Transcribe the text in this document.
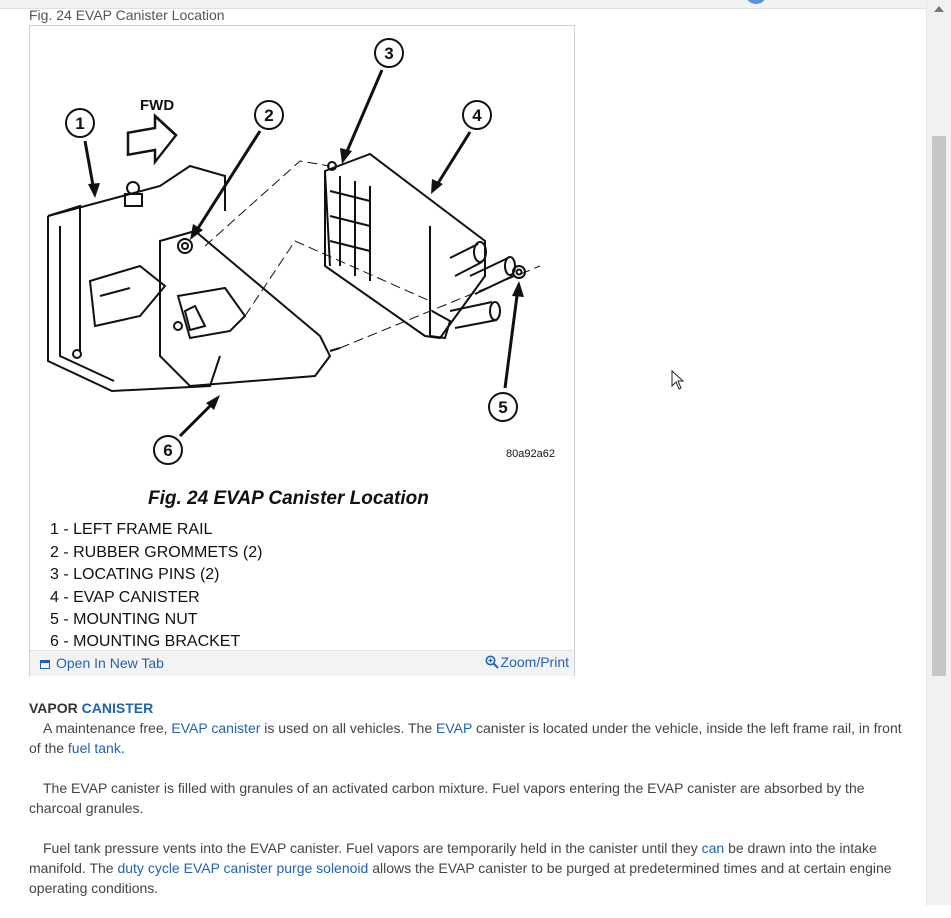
Fig. 24 EVAP Canister Location
FWD
1	2
3
4
5
6	80a92a62
Fig. 24 EVAP Canister Location
1 - LEFT FRAME RAIL
2 - RUBBER GROMMETS (2)
3 - LOCATING PINS (2)
4 - EVAP CANISTER
5 - MOUNTING NUT
6 - MOUNTING BRACKET
Open In New Tab	Zoom/Print
VAPOR CANISTER

A maintenance free, EVAP canister is used on all vehicles. The EVAP canister is located under the vehicle, inside the left frame rail, in front of the fuel tank.

The EVAP canister is filled with granules of an activated carbon mixture. Fuel vapors entering the EVAP canister are absorbed by the charcoal granules.

Fuel tank pressure vents into the EVAP canister. Fuel vapors are temporarily held in the canister until they can be drawn into the intake manifold. The duty cycle EVAP canister purge solenoid allows the EVAP canister to be purged at predetermined times and at certain engine operating conditions.
